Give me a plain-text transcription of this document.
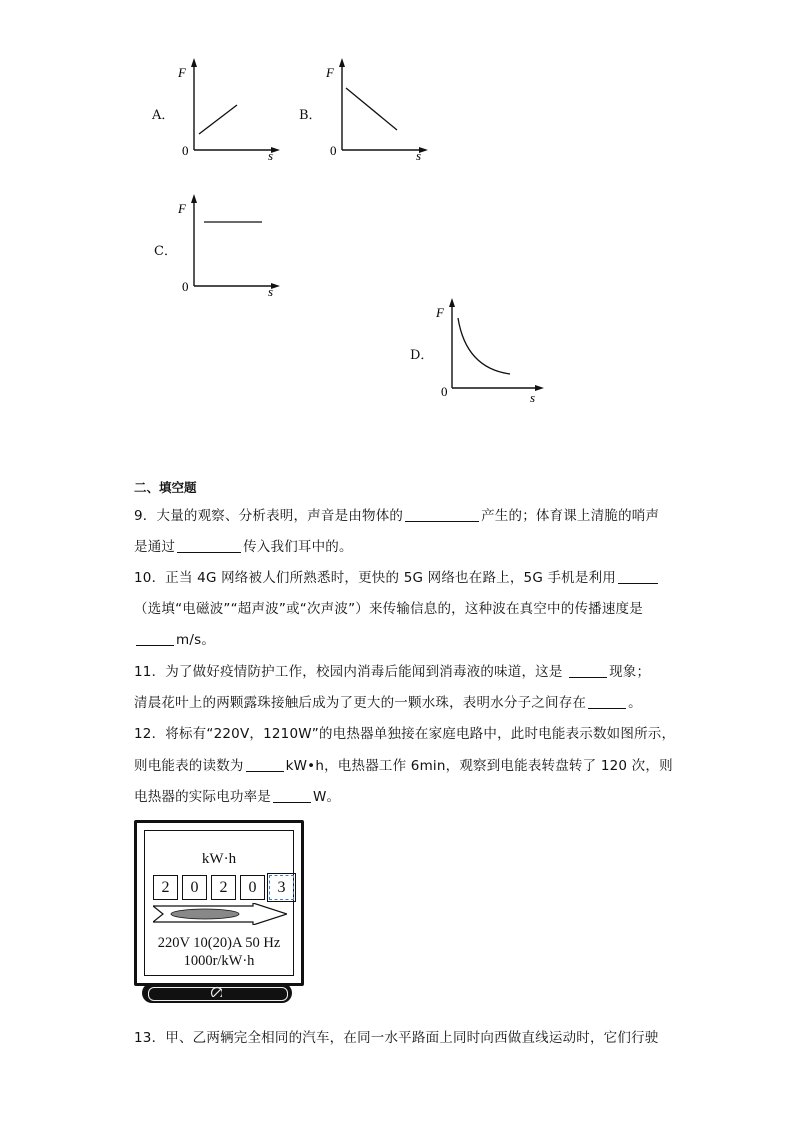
A．
F
0	s
B．
F
0	s
C．
F
0	s
D．
F
0	s
二、填空题
9．大量的观察、分析表明，声音是由物体的	产生的；体育课上清脆的哨声
是通过	传入我们耳中的。
10．正当 4G 网络被人们所熟悉时，更快的 5G 网络也在路上，5G 手机是利用
（选填“电磁波”“超声波”或“次声波”）来传输信息的，这种波在真空中的传播速度是
m/s。
11．为了做好疫情防护工作，校园内消毒后能闻到消毒液的味道，这是	现象；
清晨花叶上的两颗露珠接触后成为了更大的一颗水珠，表明水分子之间存在	。
12．将标有“220V，1210W”的电热器单独接在家庭电路中，此时电能表示数如图所示，
则电能表的读数为	kW•h，电热器工作 6min，观察到电能表转盘转了 120 次，则
电热器的实际电功率是	W。
kW·h
2	0	2	0	3
220V 10(20)A 50 Hz
1000r/kW·h
13．甲、乙两辆完全相同的汽车，在同一水平路面上同时向西做直线运动时，它们行驶
